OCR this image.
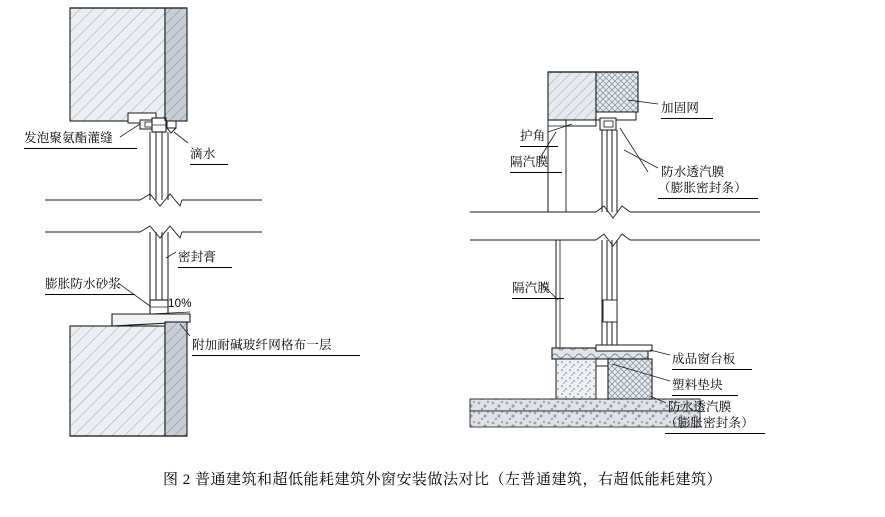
发泡聚氨酯灌缝
滴水
密封膏
膨胀防水砂浆
10%
附加耐碱玻纤网格布一层
加固网
护角
隔汽膜
防水透汽膜
（膨胀密封条）
隔汽膜
成品窗台板
塑料垫块
防水透汽膜
（膨胀密封条）
图 2 普通建筑和超低能耗建筑外窗安装做法对比（左普通建筑，右超低能耗建筑）
